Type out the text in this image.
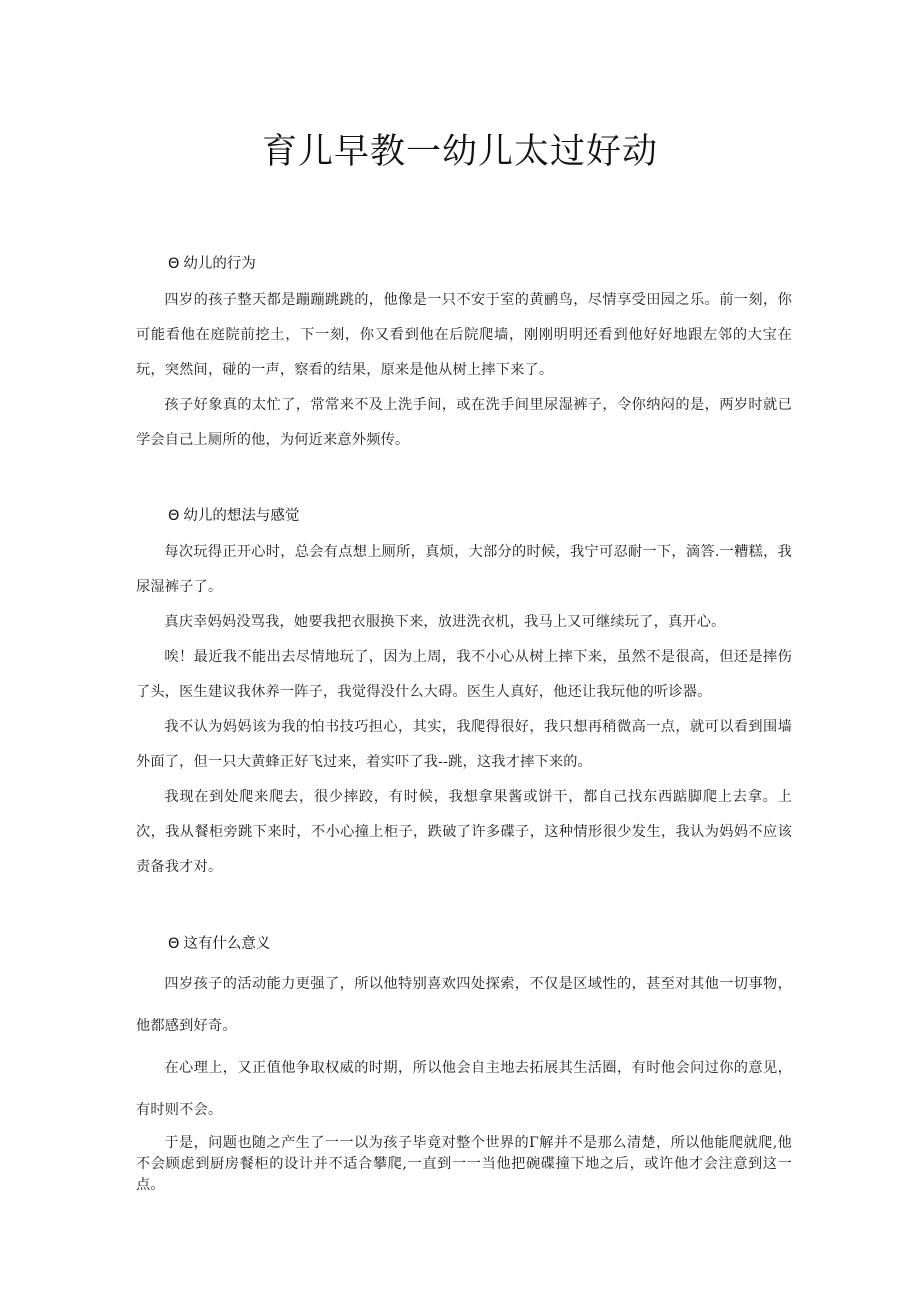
育儿早教一幼儿太过好动
Θ 幼儿的行为

四岁的孩子整天都是蹦蹦跳跳的，他像是一只不安于室的黄鹂鸟，尽情享受田园之乐。前一刻，你可能看他在庭院前挖土，下一刻，你又看到他在后院爬墙，刚刚明明还看到他好好地跟左邻的大宝在玩，突然间，碰的一声，察看的结果，原来是他从树上摔下来了。

孩子好象真的太忙了，常常来不及上洗手间，或在洗手间里尿湿裤子，令你纳闷的是，两岁时就已学会自己上厕所的他，为何近来意外频传。

Θ 幼儿的想法与感觉

每次玩得正开心时，总会有点想上厕所，真烦，大部分的时候，我宁可忍耐一下，滴答.一糟糕，我尿湿裤子了。

真庆幸妈妈没骂我，她要我把衣服换下来，放进洗衣机，我马上又可继续玩了，真开心。

唉！最近我不能出去尽情地玩了，因为上周，我不小心从树上摔下来，虽然不是很高，但还是摔伤了头，医生建议我休养一阵子，我觉得没什么大碍。医生人真好，他还让我玩他的听诊器。

我不认为妈妈该为我的怕书技巧担心，其实，我爬得很好，我只想再稍微高一点，就可以看到围墙外面了，但一只大黄蜂正好飞过来，着实吓了我--跳，这我才摔下来的。

我现在到处爬来爬去，很少摔跤，有时候，我想拿果酱或饼干，都自己找东西踮脚爬上去拿。上次，我从餐柜旁跳下来时，不小心撞上柜子，跌破了许多碟子，这种情形很少发生，我认为妈妈不应该责备我才对。

Θ 这有什么意义

四岁孩子的活动能力更强了，所以他特别喜欢四处探索，不仅是区域性的，甚至对其他一切事物，他都感到好奇。

在心理上，又正值他争取权威的时期，所以他会自主地去拓展其生活圈，有时他会问过你的意见，有时则不会。

于是，问题也随之产生了一一以为孩子毕竟对整个世界的Γ解并不是那么清楚，所以他能爬就爬,他不会顾虑到厨房餐柜的设计并不适合攀爬,一直到一一当他把碗碟撞下地之后，或许他才会注意到这一点。
